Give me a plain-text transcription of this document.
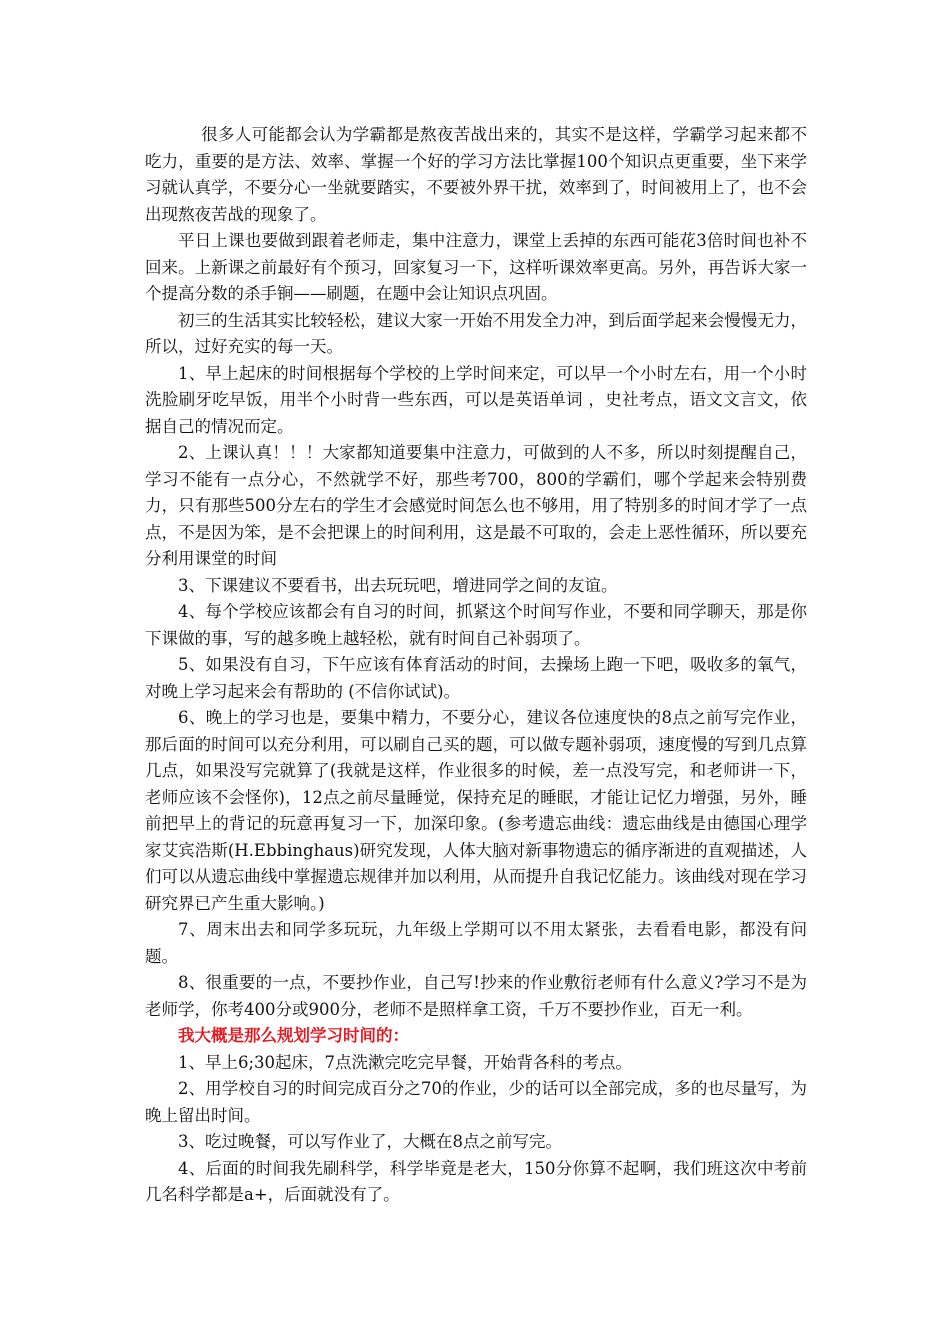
很多人可能都会认为学霸都是熬夜苦战出来的，其实不是这样，学霸学习起来都不吃力，重要的是方法、效率、掌握一个好的学习方法比掌握100个知识点更重要，坐下来学习就认真学，不要分心一坐就要踏实，不要被外界干扰，效率到了，时间被用上了，也不会出现熬夜苦战的现象了。

平日上课也要做到跟着老师走，集中注意力，课堂上丢掉的东西可能花3倍时间也补不回来。上新课之前最好有个预习，回家复习一下，这样听课效率更高。另外，再告诉大家一个提高分数的杀手锏——刷题，在题中会让知识点巩固。

初三的生活其实比较轻松，建议大家一开始不用发全力冲，到后面学起来会慢慢无力，所以，过好充实的每一天。

1、早上起床的时间根据每个学校的上学时间来定，可以早一个小时左右，用一个小时洗脸刷牙吃早饭，用半个小时背一些东西，可以是英语单词 ，史社考点，语文文言文，依据自己的情况而定。

2、上课认真！！！大家都知道要集中注意力，可做到的人不多，所以时刻提醒自己，学习不能有一点分心，不然就学不好，那些考700，800的学霸们，哪个学起来会特别费力，只有那些500分左右的学生才会感觉时间怎么也不够用，用了特别多的时间才学了一点点，不是因为笨，是不会把课上的时间利用，这是最不可取的，会走上恶性循环，所以要充分利用课堂的时间

3、下课建议不要看书，出去玩玩吧，增进同学之间的友谊。

4、每个学校应该都会有自习的时间，抓紧这个时间写作业，不要和同学聊天，那是你下课做的事，写的越多晚上越轻松，就有时间自己补弱项了。

5、如果没有自习，下午应该有体育活动的时间，去操场上跑一下吧，吸收多的氧气，对晚上学习起来会有帮助的 (不信你试试)。

6、晚上的学习也是，要集中精力，不要分心，建议各位速度快的8点之前写完作业，那后面的时间可以充分利用，可以刷自己买的题，可以做专题补弱项，速度慢的写到几点算几点，如果没写完就算了(我就是这样，作业很多的时候，差一点没写完，和老师讲一下，老师应该不会怪你)，12点之前尽量睡觉，保持充足的睡眠，才能让记忆力增强，另外，睡前把早上的背记的玩意再复习一下，加深印象。(参考遗忘曲线：遗忘曲线是由德国心理学家艾宾浩斯(H.Ebbinghaus)研究发现，人体大脑对新事物遗忘的循序渐进的直观描述，人们可以从遗忘曲线中掌握遗忘规律并加以利用，从而提升自我记忆能力。该曲线对现在学习研究界已产生重大影响。)

7、周末出去和同学多玩玩，九年级上学期可以不用太紧张，去看看电影，都没有问题。

8、很重要的一点，不要抄作业，自己写!抄来的作业敷衍老师有什么意义?学习不是为老师学，你考400分或900分，老师不是照样拿工资，千万不要抄作业，百无一利。

我大概是那么规划学习时间的：

1、早上6;30起床，7点洗漱完吃完早餐，开始背各科的考点。

2、用学校自习的时间完成百分之70的作业，少的话可以全部完成，多的也尽量写，为晚上留出时间。

3、吃过晚餐，可以写作业了，大概在8点之前写完。

4、后面的时间我先刷科学，科学毕竟是老大，150分你算不起啊，我们班这次中考前几名科学都是a+，后面就没有了。
